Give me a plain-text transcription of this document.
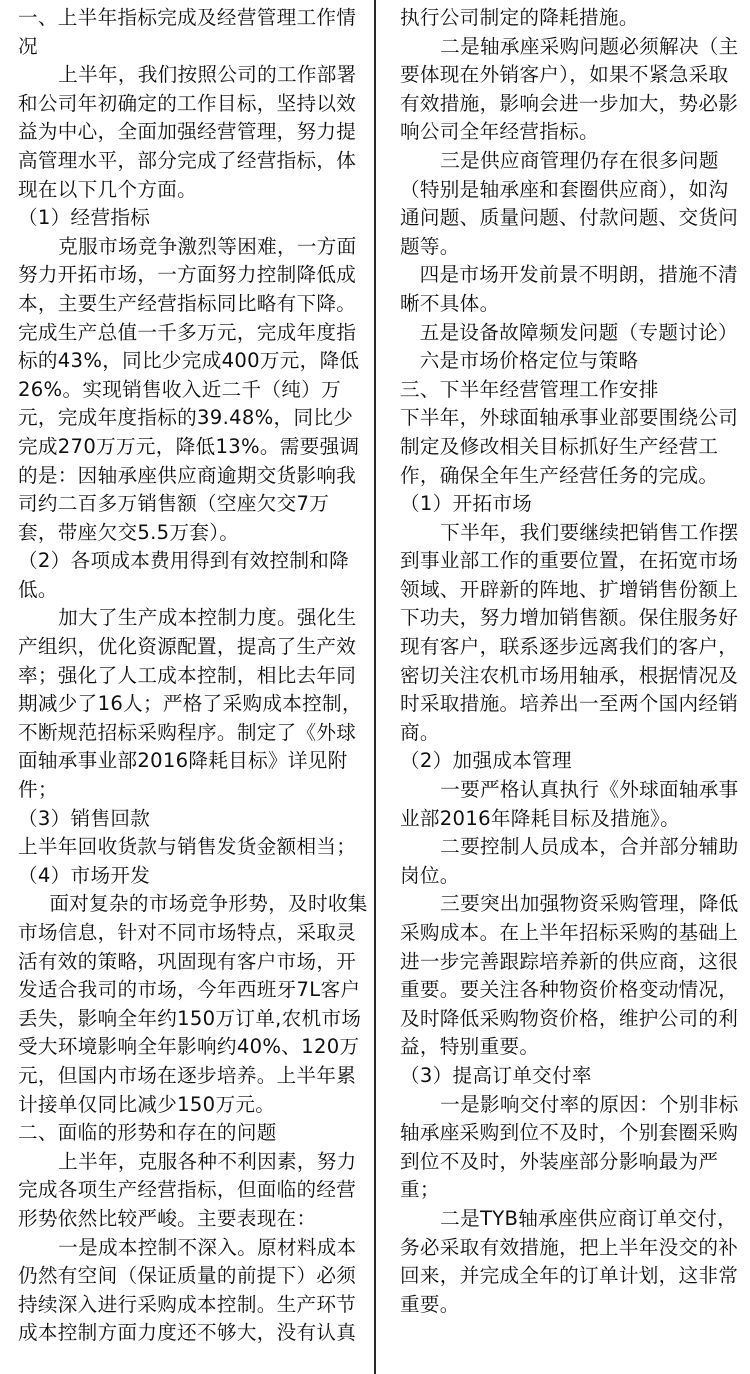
一、上半年指标完成及经营管理工作情况

上半年，我们按照公司的工作部署和公司年初确定的工作目标，坚持以效益为中心，全面加强经营管理，努力提高管理水平，部分完成了经营指标，体现在以下几个方面。

（1）经营指标

克服市场竞争激烈等困难，一方面努力开拓市场，一方面努力控制降低成本，主要生产经营指标同比略有下降。完成生产总值一千多万元，完成年度指标的43%，同比少完成400万元，降低26%。实现销售收入近二千（纯）万元，完成年度指标的39.48%，同比少完成270万万元，降低13%。需要强调的是：因轴承座供应商逾期交货影响我司约二百多万销售额（空座欠交7万套，带座欠交5.5万套）。

（2）各项成本费用得到有效控制和降低。

加大了生产成本控制力度。强化生产组织，优化资源配置，提高了生产效率；强化了人工成本控制，相比去年同期减少了16人；严格了采购成本控制，不断规范招标采购程序。制定了《外球面轴承事业部2016降耗目标》详见附件；

（3）销售回款

上半年回收货款与销售发货金额相当；

（4）市场开发

面对复杂的市场竞争形势，及时收集市场信息，针对不同市场特点，采取灵活有效的策略，巩固现有客户市场，开发适合我司的市场，今年西班牙7L客户丢失，影响全年约150万订单,农机市场受大环境影响全年影响约40%、120万元，但国内市场在逐步培养。上半年累计接单仅同比减少150万元。

二、面临的形势和存在的问题

上半年，克服各种不利因素，努力完成各项生产经营指标，但面临的经营形势依然比较严峻。主要表现在：

一是成本控制不深入。原材料成本仍然有空间（保证质量的前提下）必须持续深入进行采购成本控制。生产环节成本控制方面力度还不够大，没有认真

执行公司制定的降耗措施。

二是轴承座采购问题必须解决（主要体现在外销客户），如果不紧急采取有效措施，影响会进一步加大，势必影响公司全年经营指标。

三是供应商管理仍存在很多问题（特别是轴承座和套圈供应商），如沟通问题、质量问题、付款问题、交货问题等。

四是市场开发前景不明朗，措施不清晰不具体。

五是设备故障频发问题（专题讨论）

六是市场价格定位与策略

三、下半年经营管理工作安排

下半年，外球面轴承事业部要围绕公司制定及修改相关目标抓好生产经营工作，确保全年生产经营任务的完成。

（1）开拓市场

下半年，我们要继续把销售工作摆到事业部工作的重要位置，在拓宽市场领域、开辟新的阵地、扩增销售份额上下功夫，努力增加销售额。保住服务好现有客户，联系逐步远离我们的客户，密切关注农机市场用轴承，根据情况及时采取措施。培养出一至两个国内经销商。

（2）加强成本管理

一要严格认真执行《外球面轴承事业部2016年降耗目标及措施》。

二要控制人员成本，合并部分辅助岗位。

三要突出加强物资采购管理，降低采购成本。在上半年招标采购的基础上进一步完善跟踪培养新的供应商，这很重要。要关注各种物资价格变动情况，及时降低采购物资价格，维护公司的利益，特别重要。

（3）提高订单交付率

一是影响交付率的原因：个别非标轴承座采购到位不及时，个别套圈采购到位不及时，外装座部分影响最为严重；

二是TYB轴承座供应商订单交付，务必采取有效措施，把上半年没交的补回来，并完成全年的订单计划，这非常重要。
